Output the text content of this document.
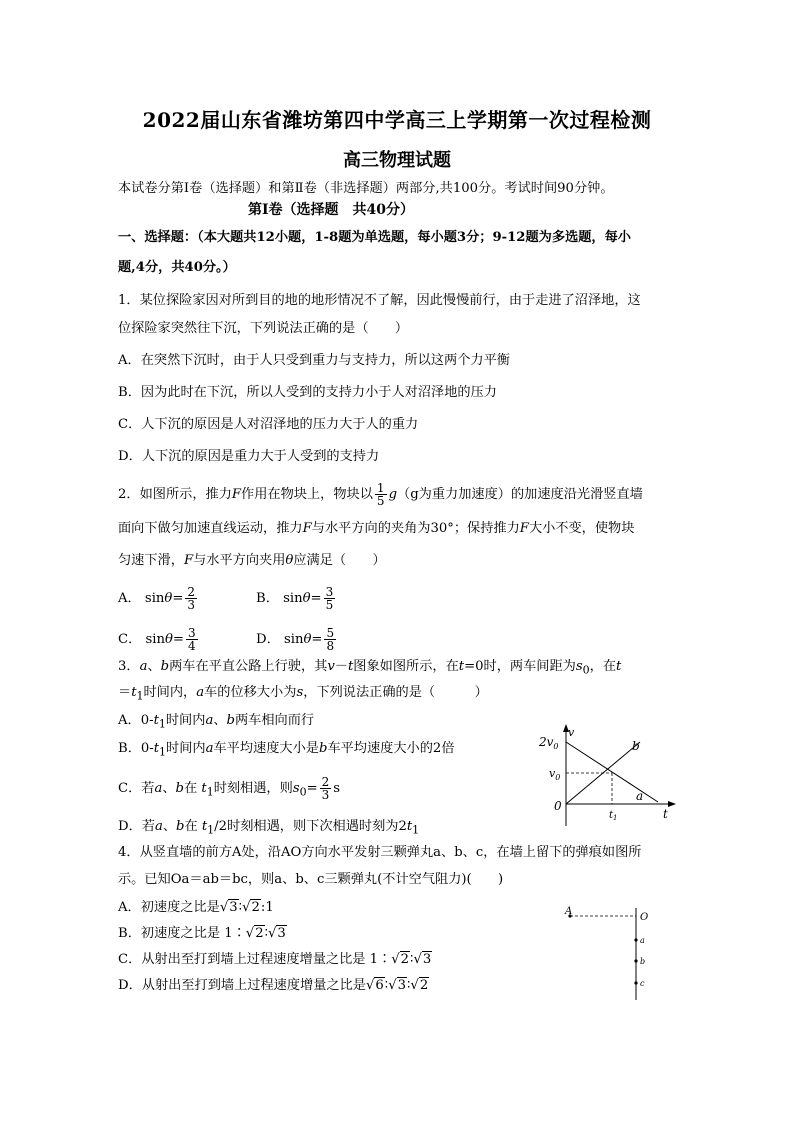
2022届山东省潍坊第四中学高三上学期第一次过程检测
高三物理试题
本试卷分第Ⅰ卷（选择题）和第Ⅱ卷（非选择题）两部分,共100分。考试时间90分钟。
第Ⅰ卷（选择题　共40分）
一、选择题：（本大题共12小题，1-8题为单选题，每小题3分；9-12题为多选题，每小
题,4分，共40分。）
1．某位探险家因对所到目的地的地形情况不了解，因此慢慢前行，由于走进了沼泽地，这
位探险家突然往下沉，下列说法正确的是（　　）
A．在突然下沉时，由于人只受到重力与支持力，所以这两个力平衡
B．因为此时在下沉，所以人受到的支持力小于人对沼泽地的压力
C．人下沉的原因是人对沼泽地的压力大于人的重力
D．人下沉的原因是重力大于人受到的支持力
2．如图所示，推力F作用在物块上，物块以 $\frac{1}{5} g(g$为重力加速度）的加速度沿光滑竖直墙
面向下做匀加速直线运动，推力F与水平方向的夹角为30°；保持推力F大小不变，使物块
匀速下滑，F与水平方向夹用θ应满足（　　）
A． $\sin\theta= \frac{2}{3}$	B． $\sin\theta= \frac{3}{5}$
C． $\sin\theta= \frac{3}{4}$	D． $\sin\theta= \frac{5}{8}$
3．a、b两车在平直公路上行驶，其v－t图象如图所示，在t=0时，两车间距为$s_0$，在t
$=t_1$时间内，a车的位移大小为s，下列说法正确的是（　　　）
A．$0-t_1$时间内a、b两车相向而行
B．$0-t_1$时间内a车平均速度大小是b车平均速度大小的2倍
C．若a、b在 $t_1$时刻相遇，则$s_0= \frac{2}{3}$ s
D．若a、b在 $t_1/2$时刻相遇，则下次相遇时刻为$2t_1$
v
t
$2v_0$
$v_0$
0
$t_1$
a
b
4．从竖直墙的前方A处，沿AO方向水平发射三颗弹丸a、b、c，在墙上留下的弹痕如图所
示。已知Oa＝ab＝bc，则a、b、c三颗弹丸(不计空气阻力)(　　)
A．初速度之比是√3∶√2:1
B．初速度之比是 1∶√2∶√3
C．从射出至打到墙上过程速度增量之比是 1∶√2∶√3
D．从射出至打到墙上过程速度增量之比是√6∶√3∶√2
A
O
a
b
c
